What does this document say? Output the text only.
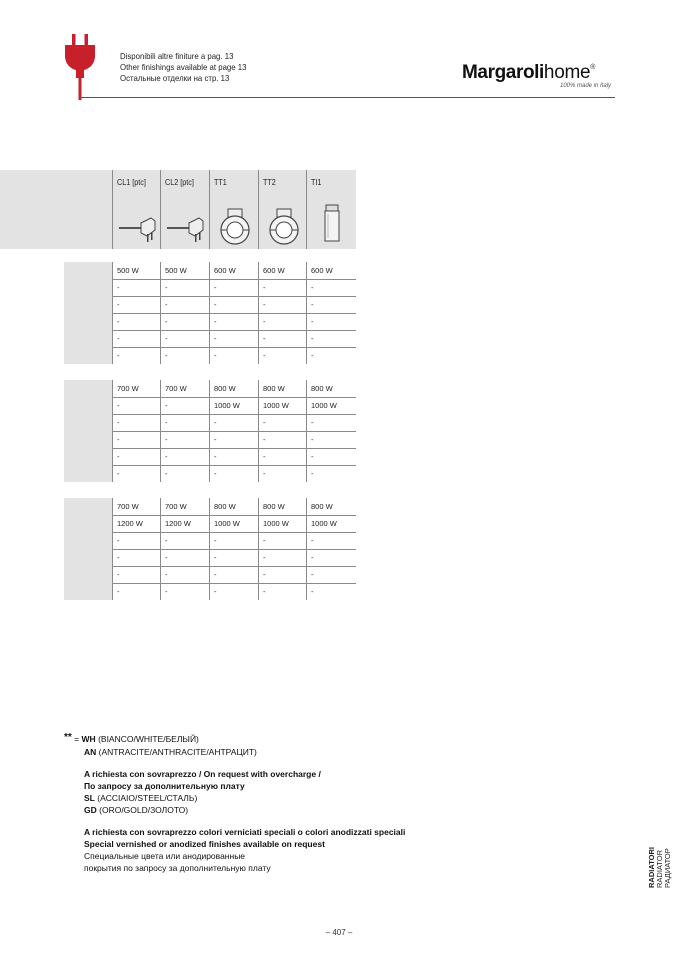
Disponibili altre finiture a pag. 13
Other finishings available at page 13
Остальные отделки на стр. 13	Margarolihome®
100% made in Italy
CL1 [ptc] CL2 [ptc]	TT1	TT2	TI1
500 W	500 W	600 W	600 W	600 W
-	-	-	-	-
-	-	-	-	-
-	-	-	-	-
-	-	-	-	-
-	-	-	-	-
700 W	700 W	800 W	800 W	800 W
-	-	1000 W	1000 W	1000 W
-	-	-	-	-
-	-	-	-	-
-	-	-	-	-
-	-	-	-	-
700 W	700 W	800 W	800 W	800 W
1200 W	1200 W	1000 W	1000 W	1000 W
-	-	-	-	-
-	-	-	-	-
-	-	-	-	-
-	-	-	-	-

** = WH (BIANCO/WHITE/БЕЛЫЙ)

AN (ANTRACITE/ANTHRACITE/АНТРАЦИТ)

A richiesta con sovraprezzo / On request with overcharge /

По запросу за дополнительную плату

SL (ACCIAIO/STEEL/СТАЛЬ)

GD (ORO/GOLD/ЗОЛОТО)

A richiesta con sovraprezzo colori verniciati speciali o colori anodizzati speciali

Special vernished or anodized finishes available on request

Специальные цвета или анодированные

покрытия по запросу за дополнительную плату	RADIATORI RADIATOR РАДИАТОР
– 407 –
